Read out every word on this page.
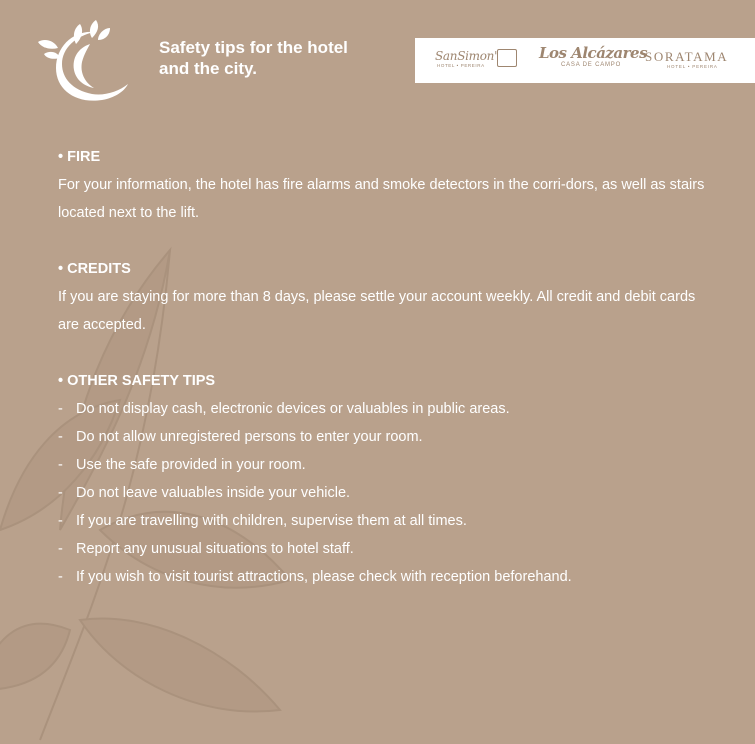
Safety tips for the hotel
and the city.
SanSimon'
HOTEL • PEREIRA
Los Alcázares
CASA DE CAMPO
SORATAMA
HOTEL • PEREIRA
• FIRE

For your information, the hotel has fire alarms and smoke detectors in the corri-dors, as well as stairs located next to the lift.

• CREDITS

If you are staying for more than 8 days, please settle your account weekly. All credit and debit cards are accepted.

• OTHER SAFETY TIPS
- Do not display cash, electronic devices or valuables in public areas.
- Do not allow unregistered persons to enter your room.
- Use the safe provided in your room.
- Do not leave valuables inside your vehicle.
- If you are travelling with children, supervise them at all times.
- Report any unusual situations to hotel staff.
- If you wish to visit tourist attractions, please check with reception beforehand.
